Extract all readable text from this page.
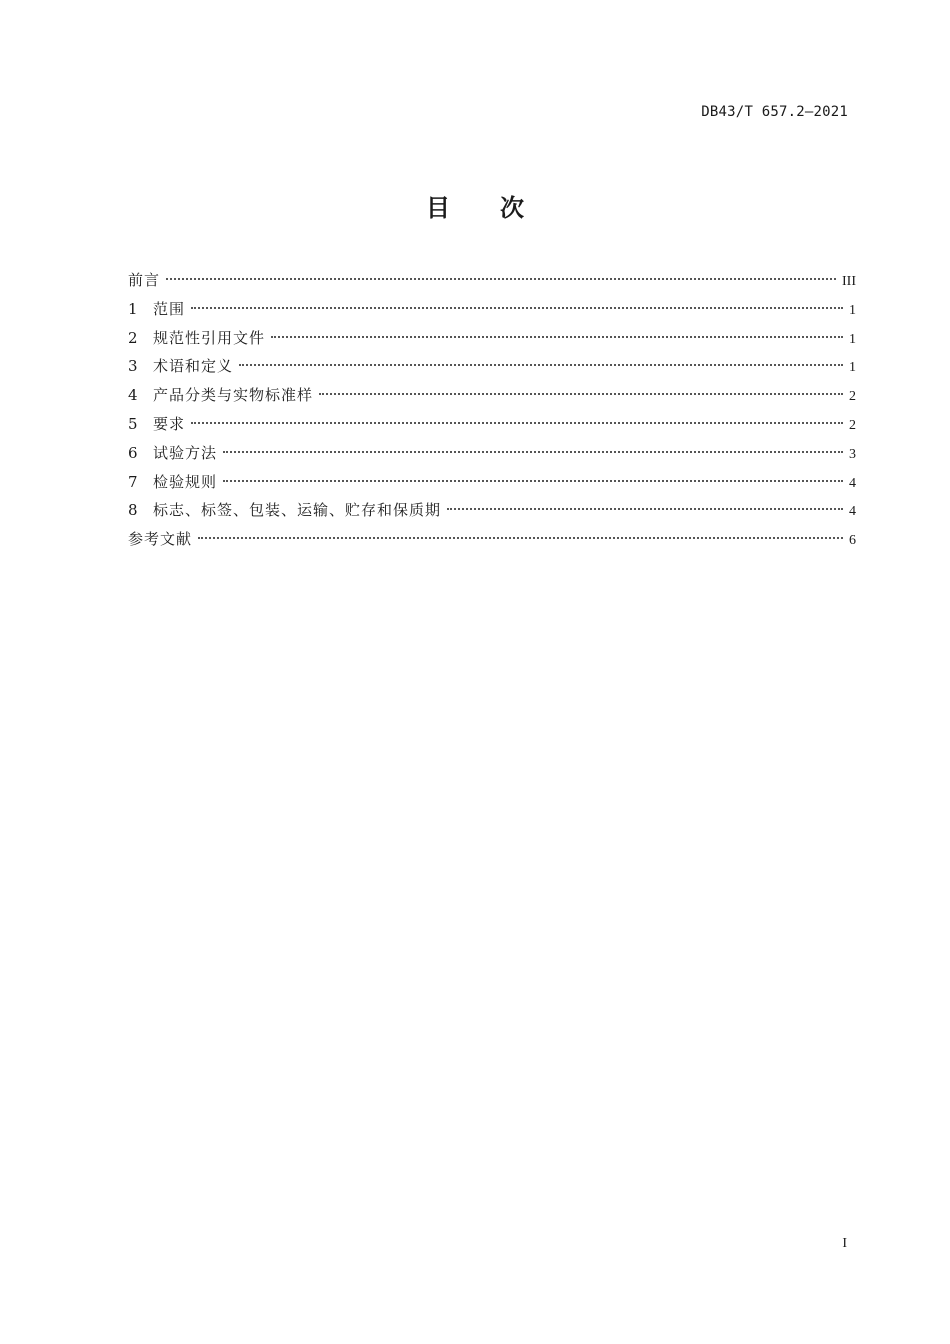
DB43/T 657.2—2021
目 次
前言	III
1	范围	1
2	规范性引用文件	1
3	术语和定义	1
4	产品分类与实物标准样	2
5	要求	2
6	试验方法	3
7	检验规则	4
8	标志、标签、包装、运输、贮存和保质期	4
参考文献	6
I
